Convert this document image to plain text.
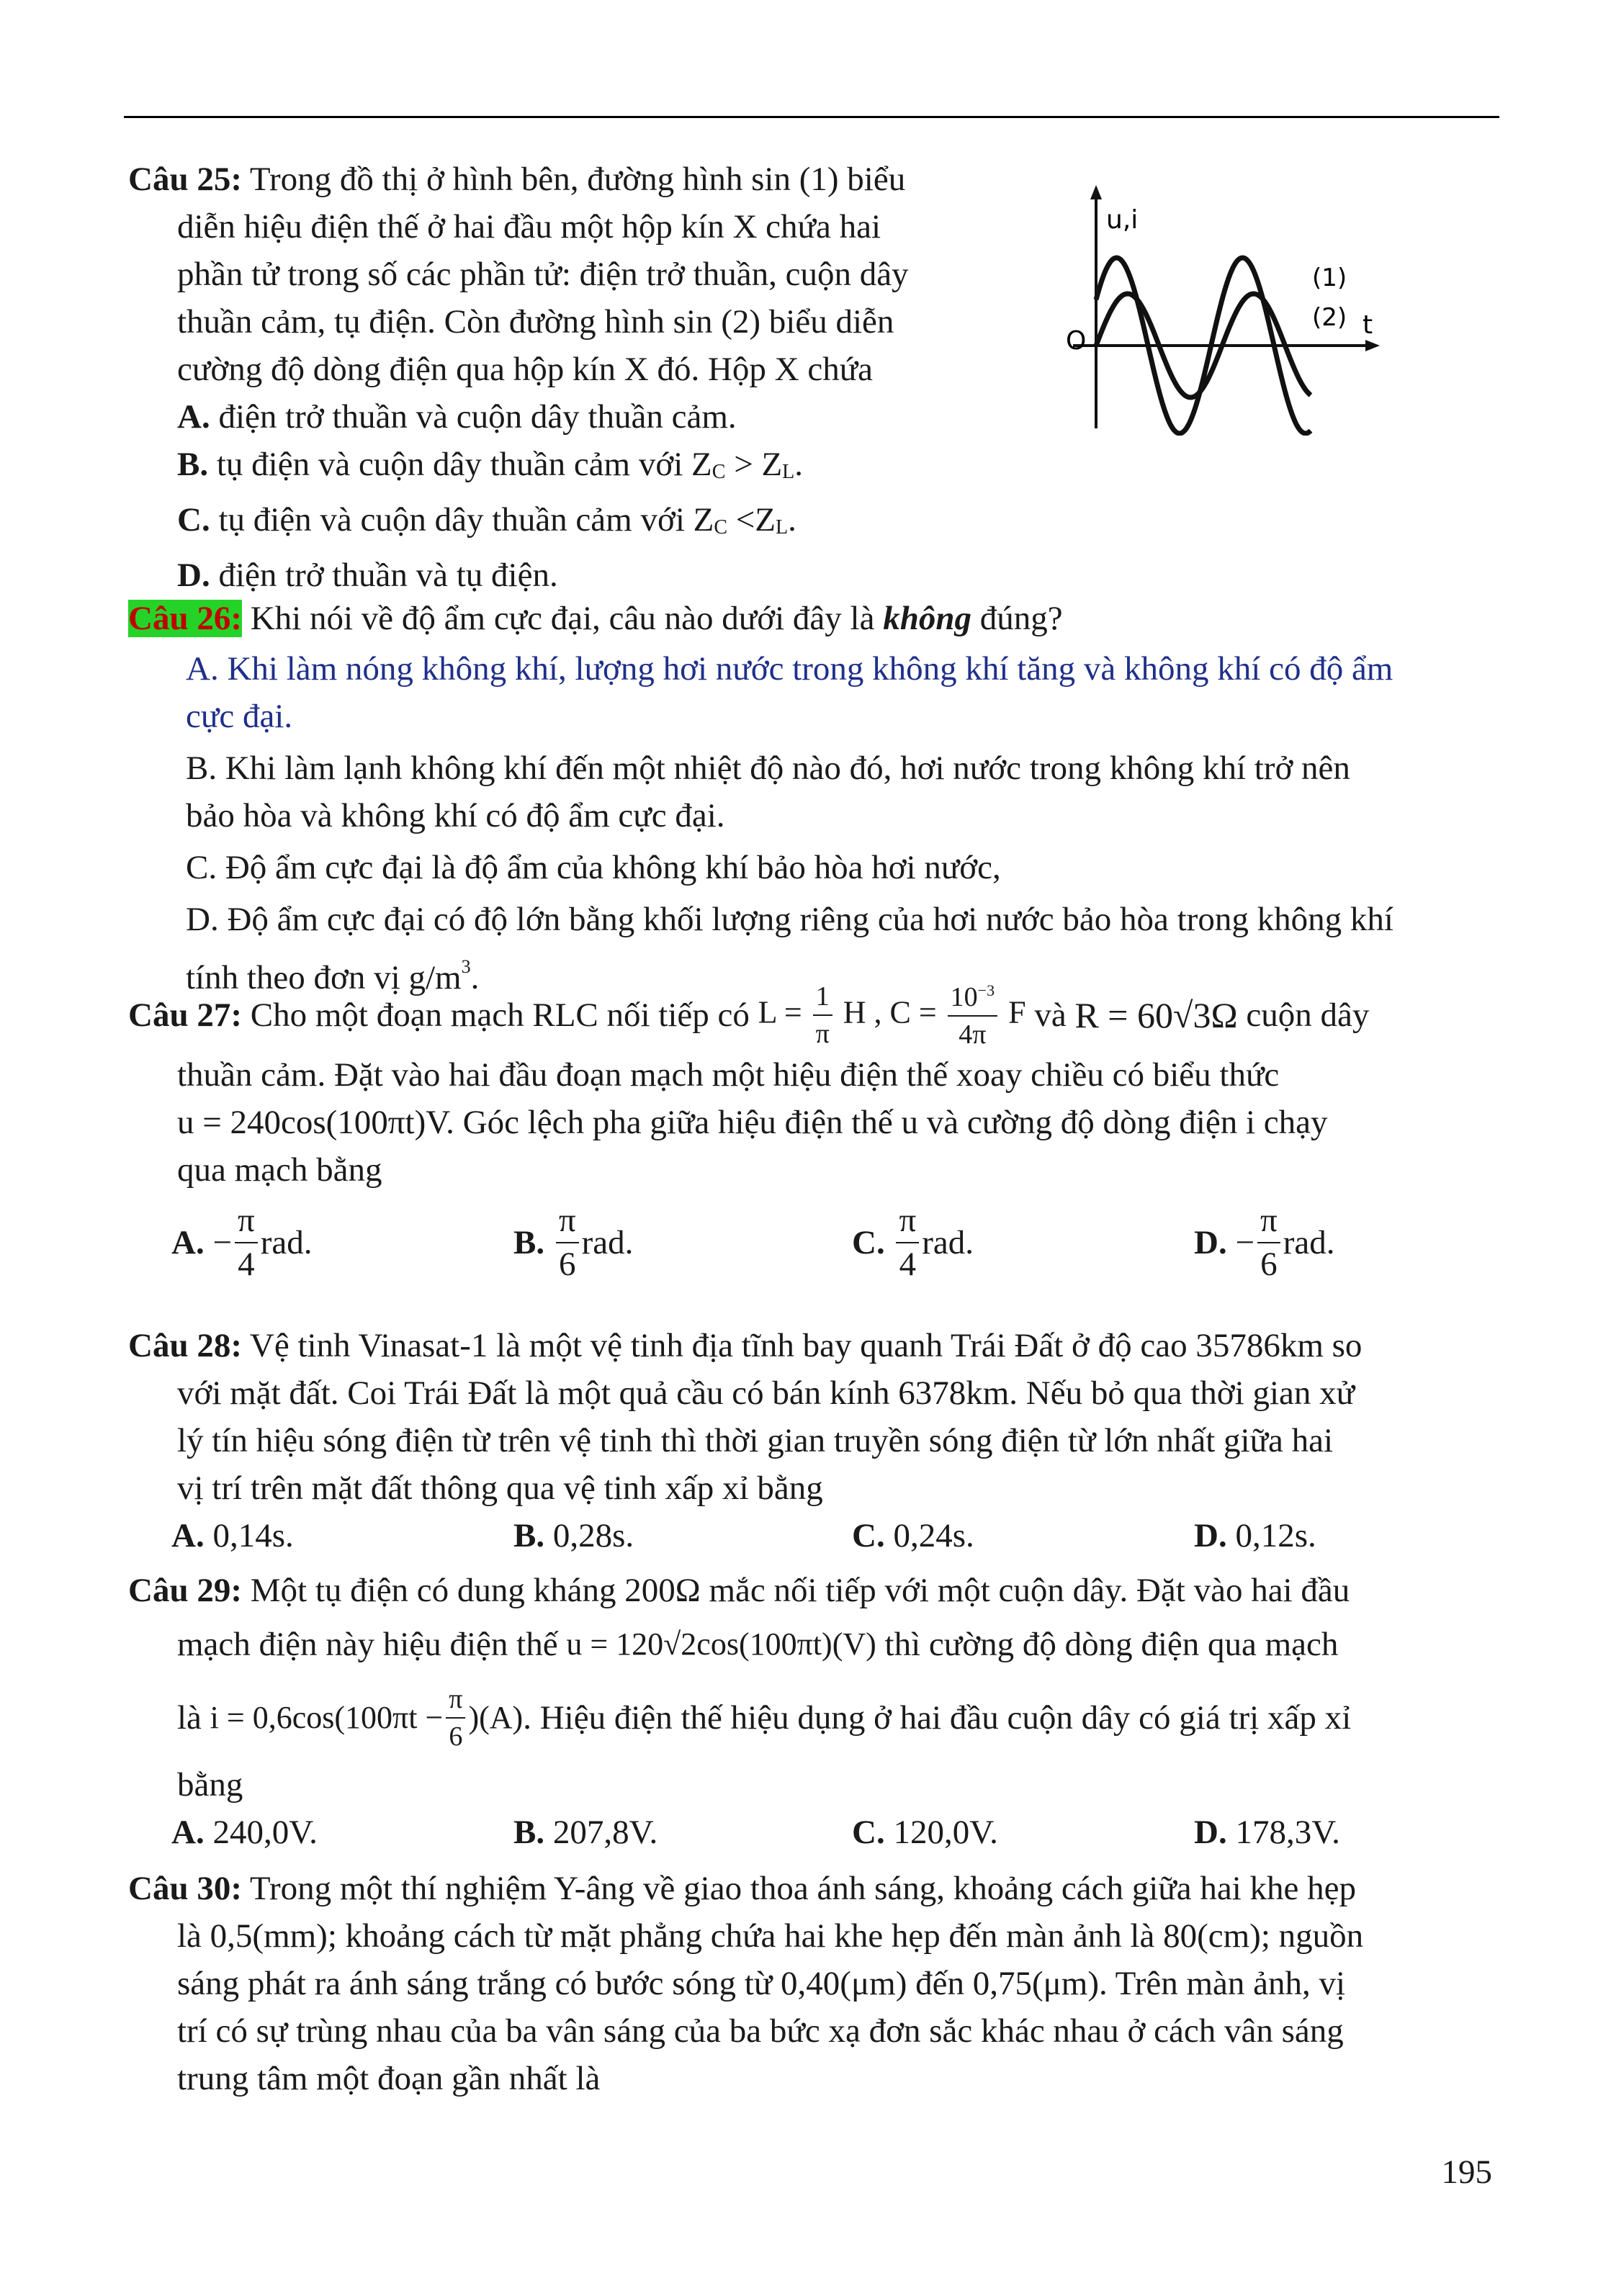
Câu 25: Trong đồ thị ở hình bên, đường hình sin (1) biểu
diễn hiệu điện thế ở hai đầu một hộp kín X chứa hai
phần tử trong số các phần tử: điện trở thuần, cuộn dây
thuần cảm, tụ điện. Còn đường hình sin (2) biểu diễn
cường độ dòng điện qua hộp kín X đó. Hộp X chứa
A. điện trở thuần và cuộn dây thuần cảm.
B. tụ điện và cuộn dây thuần cảm với ZC > ZL.
C. tụ điện và cuộn dây thuần cảm với ZC <ZL.
D. điện trở thuần và tụ điện.
u,i
t
O
(1)
(2)
Câu 26: Khi nói về độ ẩm cực đại, câu nào dưới đây là không đúng?
A. Khi làm nóng không khí, lượng hơi nước trong không khí tăng và không khí có độ ẩm
cực đại.
B. Khi làm lạnh không khí đến một nhiệt độ nào đó, hơi nước trong không khí trở nên
bảo hòa và không khí có độ ẩm cực đại.
C. Độ ẩm cực đại là độ ẩm của không khí bảo hòa hơi nước,
D. Độ ẩm cực đại có độ lớn bằng khối lượng riêng của hơi nước bảo hòa trong không khí
tính theo đơn vị $g/m^3$.
Câu 27: Cho một đoạn mạch RLC nối tiếp có $L = \frac{1}{\pi}$ H , $C = \frac{10^{-3}}{4\pi}$ F và R = 60√3Ω cuộn dây
thuần cảm. Đặt vào hai đầu đoạn mạch một hiệu điện thế xoay chiều có biểu thức
u = 240cos(100πt)V. Góc lệch pha giữa hiệu điện thế u và cường độ dòng điện i chạy
qua mạch bằng
A.
− $\frac{\pi}{4}$ rad.	B.
$\frac{\pi}{6}$ rad.	C.
$\frac{\pi}{4}$ rad.	D.
− $\frac{\pi}{6}$ rad.
Câu 28: Vệ tinh Vinasat-1 là một vệ tinh địa tĩnh bay quanh Trái Đất ở độ cao 35786km so
với mặt đất. Coi Trái Đất là một quả cầu có bán kính 6378km. Nếu bỏ qua thời gian xử
lý tín hiệu sóng điện từ trên vệ tinh thì thời gian truyền sóng điện từ lớn nhất giữa hai
vị trí trên mặt đất thông qua vệ tinh xấp xỉ bằng
A. 0,14s.	B. 0,28s.	C. 0,24s.	D. 0,12s.
Câu 29: Một tụ điện có dung kháng 200Ω mắc nối tiếp với một cuộn dây. Đặt vào hai đầu
mạch điện này hiệu điện thế u = 120√2cos(100πt)(V) thì cường độ dòng điện qua mạch
là $i = 0,6\cos(100\pi t - \frac{\pi}{6} )(A)$ . Hiệu điện thế hiệu dụng ở hai đầu cuộn dây có giá trị xấp xỉ
bằng
A. 240,0V.	B. 207,8V.	C. 120,0V.	D. 178,3V.
Câu 30: Trong một thí nghiệm Y-âng về giao thoa ánh sáng, khoảng cách giữa hai khe hẹp
là 0,5(mm); khoảng cách từ mặt phẳng chứa hai khe hẹp đến màn ảnh là 80(cm); nguồn
sáng phát ra ánh sáng trắng có bước sóng từ 0,40(μm) đến 0,75(μm). Trên màn ảnh, vị
trí có sự trùng nhau của ba vân sáng của ba bức xạ đơn sắc khác nhau ở cách vân sáng
trung tâm một đoạn gần nhất là
195
